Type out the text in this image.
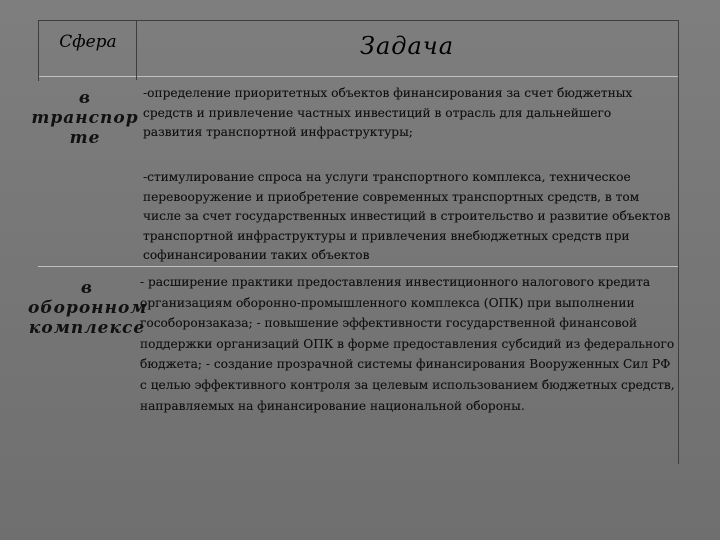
Сфера	Задача
в
транспор
те
-определение приоритетных объектов финансирования за счет бюджетных средств и привлечение частных инвестиций в отрасль для дальнейшего развития транспортной инфраструктуры;
-стимулирование спроса на услуги транспортного комплекса, техническое перевооружение и приобретение современных транспортных средств, в том числе за счет государственных инвестиций в строительство и развитие объектов транспортной инфраструктуры и привлечения внебюджетных средств при софинансировании таких объектов
в
оборонном
комплексе
- расширение практики предоставления инвестиционного налогового кредита организациям оборонно-промышленного комплекса (ОПК) при выполнении гособоронзаказа; - повышение эффективности государственной финансовой поддержки организаций ОПК в форме предоставления субсидий из федерального бюджета; - создание прозрачной системы финансирования Вооруженных Сил РФ с целью эффективного контроля за целевым использованием бюджетных средств, направляемых на финансирование национальной обороны.
